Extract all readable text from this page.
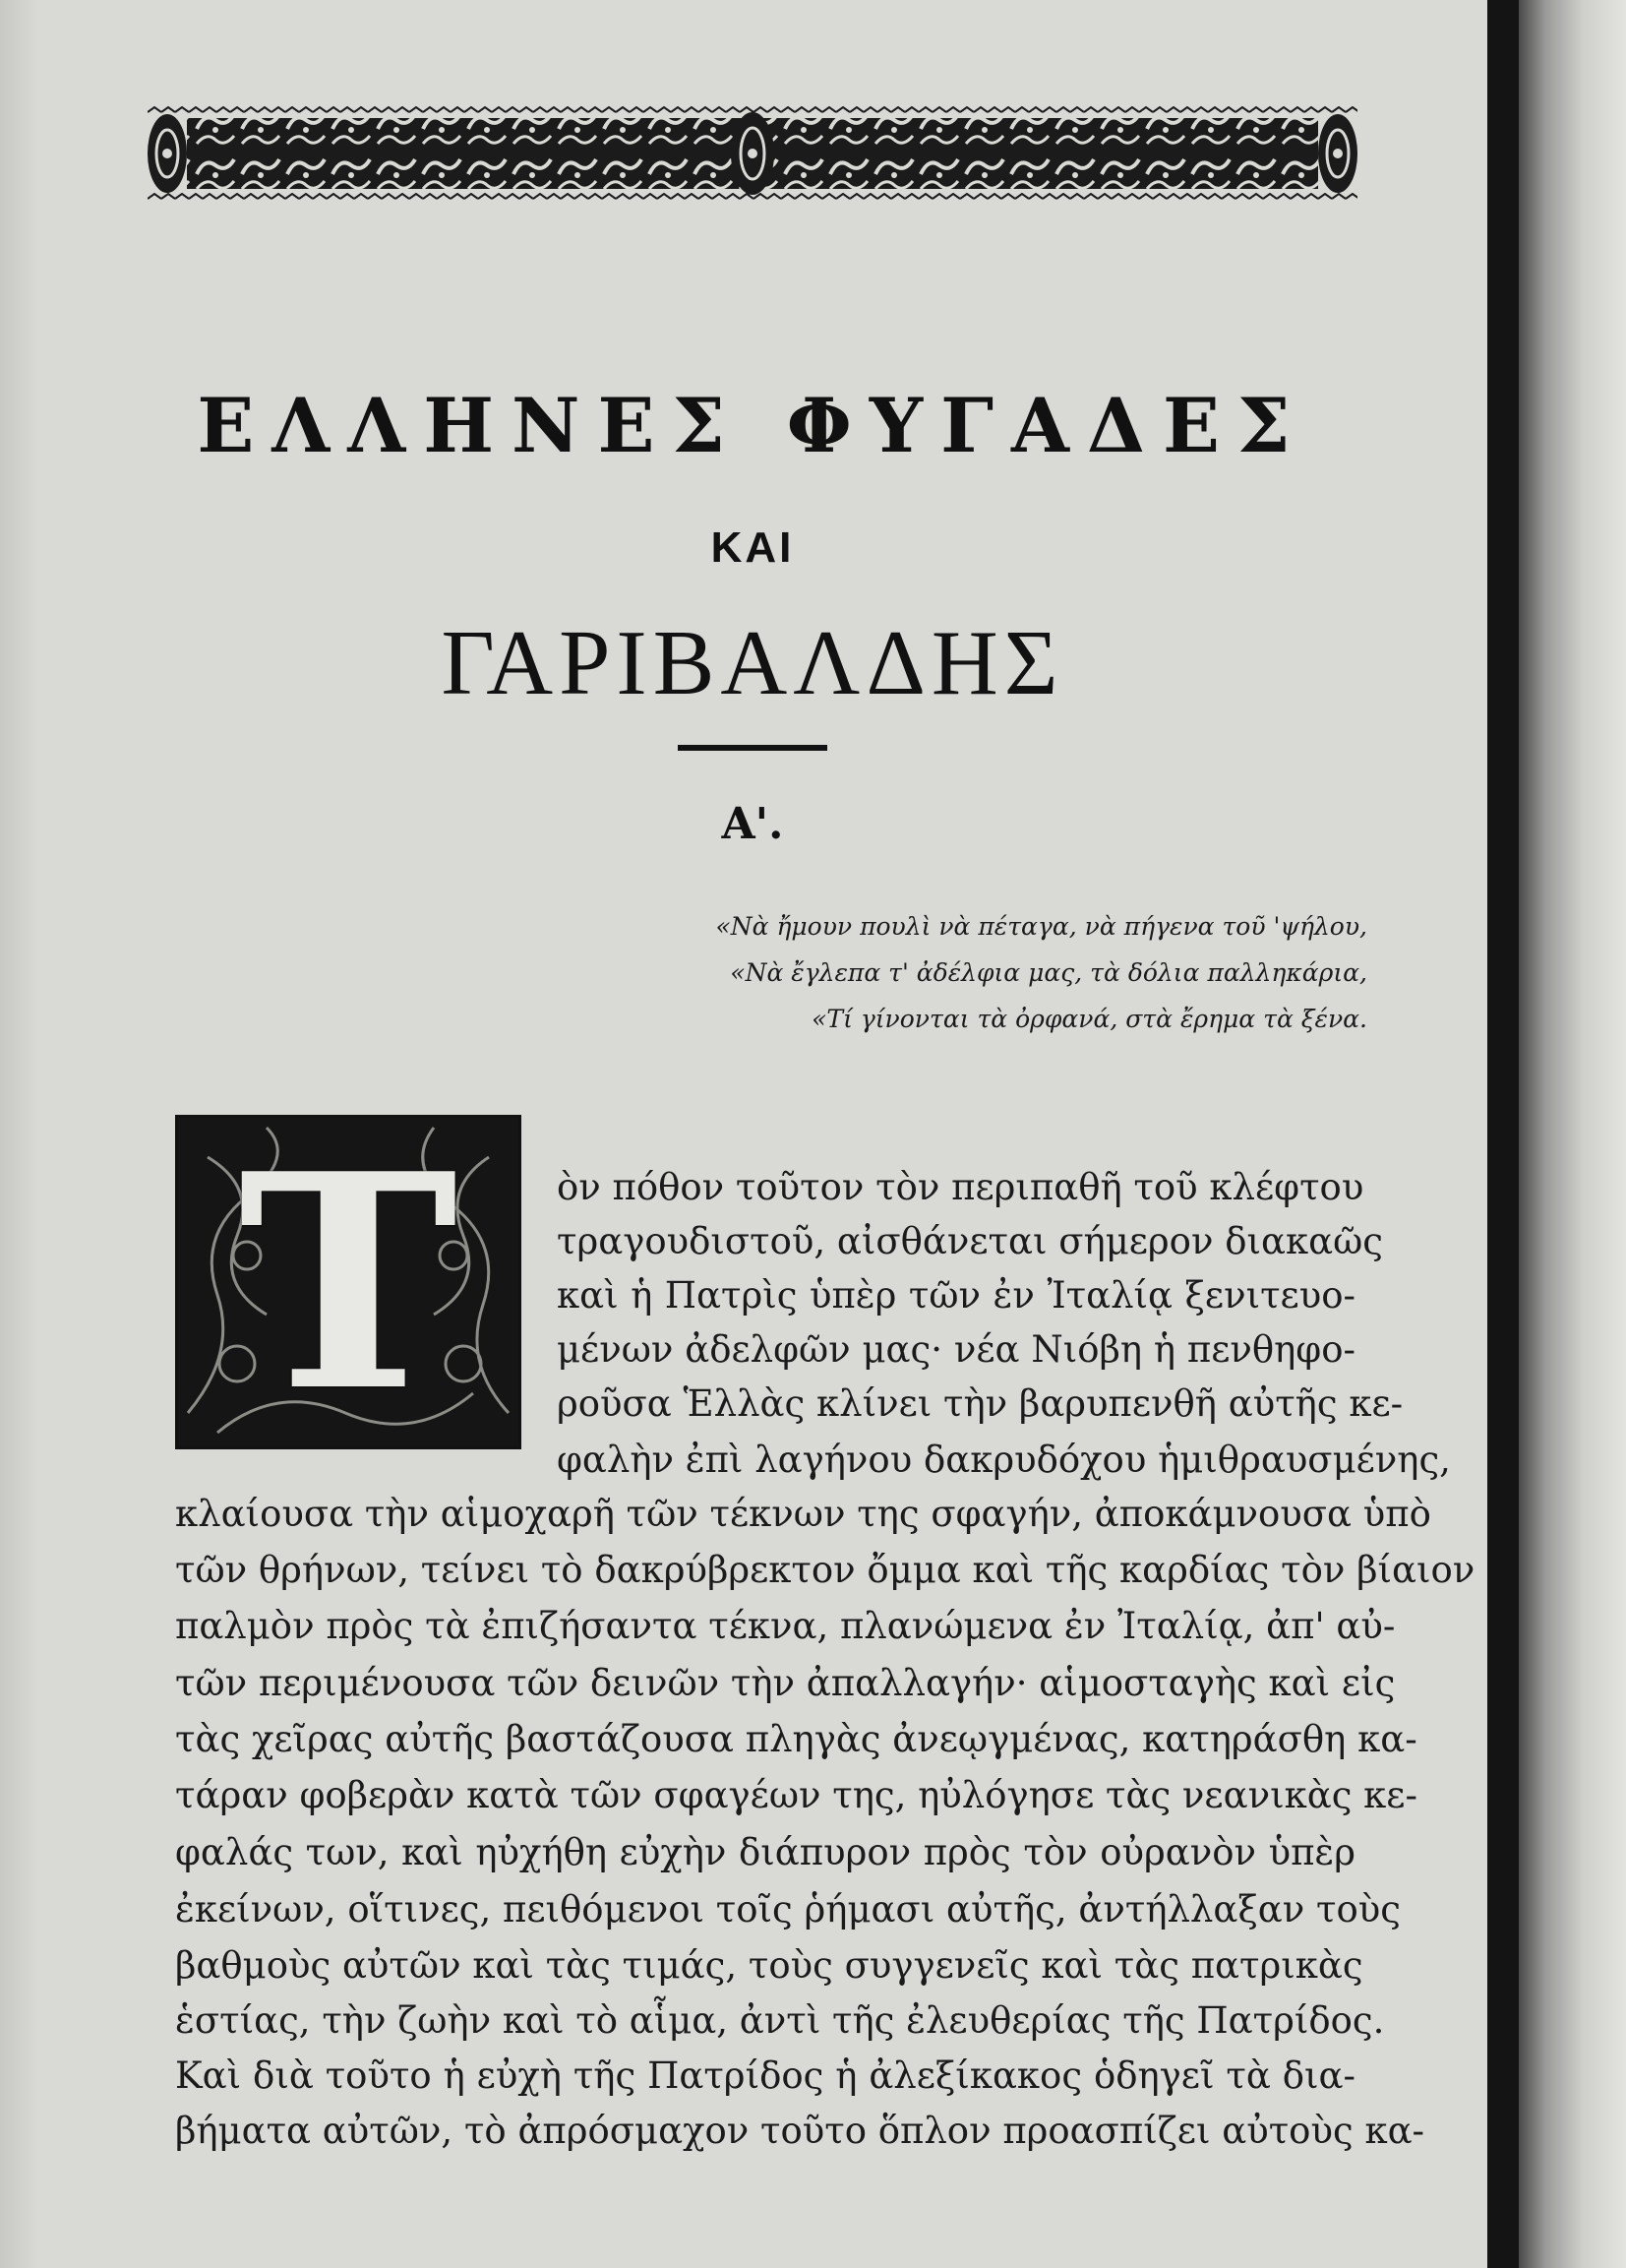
ΕΛΛΗΝΕΣ ΦΥΓΑΔΕΣ
ΚΑΙ
ΓΑΡΙΒΑΛΔΗΣ
Α'.
«Νὰ ἤμουν πουλὶ νὰ πέταγα, νὰ πήγενα τοῦ 'ψήλου,
«Νὰ ἔγλεπα τ' ἀδέλφια μας, τὰ δόλια παλληκάρια,
«Τί γίνονται τὰ ὀρφανά, στὰ ἔρημα τὰ ξένα.
Τ	ὸν πόθον τοῦτον τὸν περιπαθῆ τοῦ κλέφτου
τραγουδιστοῦ, αἰσθάνεται σήμερον διακαῶς
καὶ ἡ Πατρὶς ὑπὲρ τῶν ἐν Ἰταλίᾳ ξενιτευο-
μένων ἀδελφῶν μας· νέα Νιόβη ἡ πενθηφο-
ροῦσα Ἑλλὰς κλίνει τὴν βαρυπενθῆ αὐτῆς κε-
φαλὴν ἐπὶ λαγήνου δακρυδόχου ἡμιθραυσμένης,
κλαίουσα τὴν αἱμοχαρῆ τῶν τέκνων της σφαγήν, ἀποκάμνουσα ὑπὸ
τῶν θρήνων, τείνει τὸ δακρύβρεκτον ὄμμα καὶ τῆς καρδίας τὸν βίαιον
παλμὸν πρὸς τὰ ἐπιζήσαντα τέκνα, πλανώμενα ἐν Ἰταλίᾳ, ἀπ' αὐ-
τῶν περιμένουσα τῶν δεινῶν τὴν ἀπαλλαγήν· αἱμοσταγὴς καὶ εἰς
τὰς χεῖρας αὐτῆς βαστάζουσα πληγὰς ἀνεῳγμένας, κατηράσθη κα-
τάραν φοβερὰν κατὰ τῶν σφαγέων της, ηὐλόγησε τὰς νεανικὰς κε-
φαλάς των, καὶ ηὐχήθη εὐχὴν διάπυρον πρὸς τὸν οὐρανὸν ὑπὲρ
ἐκείνων, οἵτινες, πειθόμενοι τοῖς ῥήμασι αὐτῆς, ἀντήλλαξαν τοὺς
βαθμοὺς αὐτῶν καὶ τὰς τιμάς, τοὺς συγγενεῖς καὶ τὰς πατρικὰς
ἑστίας, τὴν ζωὴν καὶ τὸ αἷμα, ἀντὶ τῆς ἐλευθερίας τῆς Πατρίδος.
Καὶ διὰ τοῦτο ἡ εὐχὴ τῆς Πατρίδος ἡ ἀλεξίκακος ὁδηγεῖ τὰ δια-
βήματα αὐτῶν, τὸ ἀπρόσμαχον τοῦτο ὅπλον προασπίζει αὐτοὺς κα-
